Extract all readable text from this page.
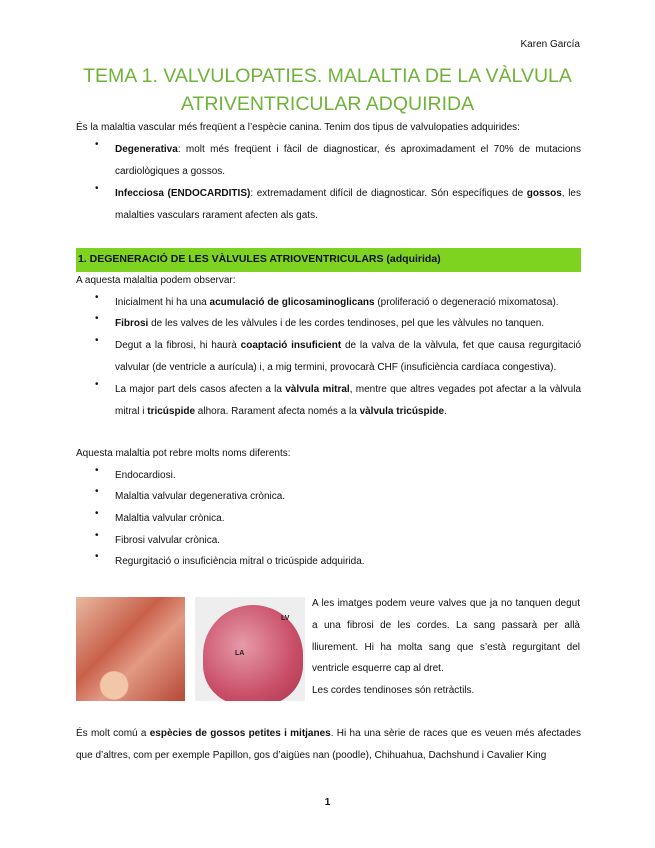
Karen García
TEMA 1. VALVULOPATIES. MALALTIA DE LA VÀLVULA
ATRIVENTRICULAR ADQUIRIDA
És la malaltia vascular més freqüent a l’espècie canina. Tenim dos tipus de valvulopaties adquirides:
• Degenerativa: molt més freqüent i fàcil de diagnosticar, és aproximadament el 70% de mutacions cardiològiques a gossos.
• Infecciosa (ENDOCARDITIS): extremadament difícil de diagnosticar. Són específiques de gossos, les malalties vasculars rarament afecten als gats.
1. DEGENERACIÓ DE LES VÀLVULES ATRIOVENTRICULARS (adquirida)
A aquesta malaltia podem observar:
• Inicialment hi ha una acumulació de glicosaminoglicans (proliferació o degeneració mixomatosa).
• Fibrosi de les valves de les vàlvules i de les cordes tendinoses, pel que les vàlvules no tanquen.
• Degut a la fibrosi, hi haurà coaptació insuficient de la valva de la vàlvula, fet que causa regurgitació valvular (de ventricle a aurícula) i, a mig termini, provocarà CHF (insuficiència cardíaca congestiva).
• La major part dels casos afecten a la vàlvula mitral, mentre que altres vegades pot afectar a la vàlvula mitral i tricúspide alhora. Rarament afecta només a la vàlvula tricúspide.
Aquesta malaltia pot rebre molts noms diferents:
• Endocardiosi.
• Malaltia valvular degenerativa crònica.
• Malaltia valvular crònica.
• Fibrosi valvular crònica.
• Regurgitació o insuficiència mitral o tricúspide adquirida.
LV
LA
A les imatges podem veure valves que ja no tanquen degut a una fibrosi de les cordes. La sang passarà per allà lliurement. Hi ha molta sang que s’està regurgitant del ventricle esquerre cap al dret.
Les cordes tendinoses són retràctils.
És molt comú a espècies de gossos petites i mitjanes. Hi ha una sèrie de races que es veuen més afectades que d’altres, com per exemple Papillon, gos d’aigües nan (poodle), Chihuahua, Dachshund i Cavalier King
1
